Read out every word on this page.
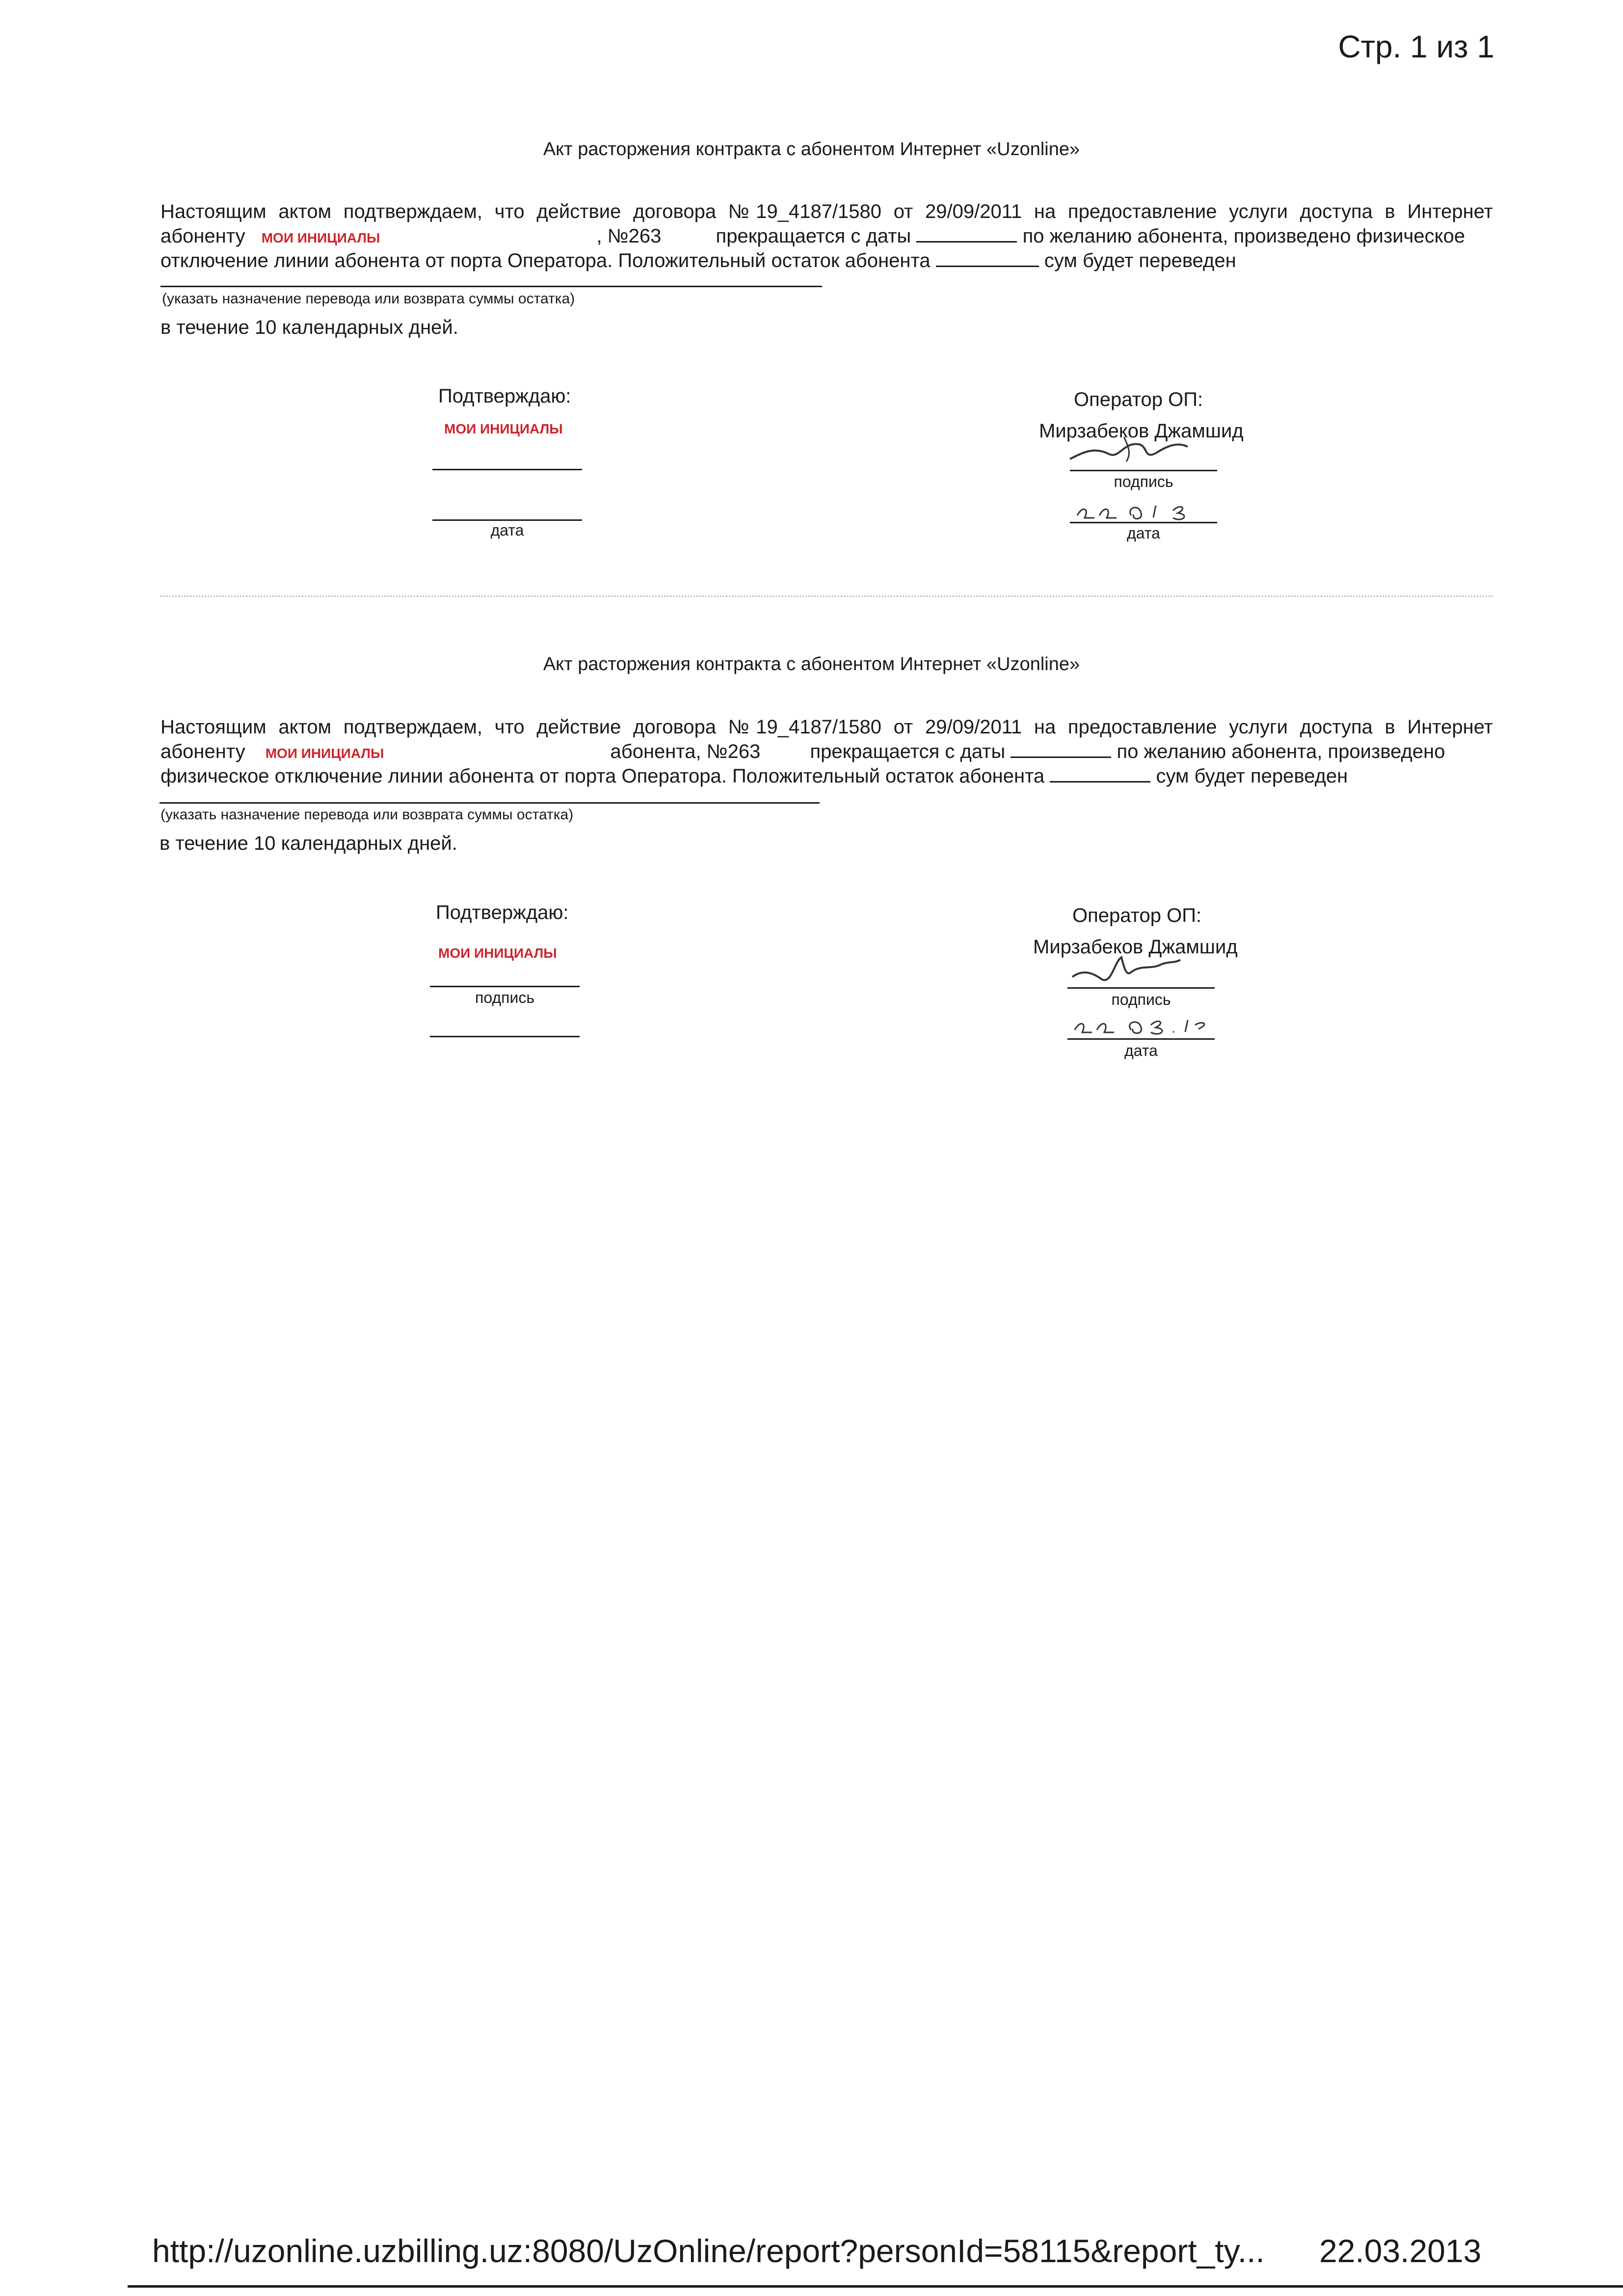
Стр. 1 из 1
Акт расторжения контракта с абонентом Интернет «Uzonline»
Настоящим актом подтверждаем, что действие договора №19_4187/1580 от 29/09/2011 на предоставление услуги доступа в Интернет
абоненту МОИ ИНИЦИАЛЫ	, №263	прекращается с даты	по желанию абонента, произведено физическое
отключение линии абонента от порта Оператора. Положительный остаток абонента	сум будет переведен
(указать назначение перевода или возврата суммы остатка)
в течение 10 календарных дней.
Подтверждаю:
МОИ ИНИЦИАЛЫ
дата
Оператор ОП:
Мирзабеков Джамшид
подпись
дата
Акт расторжения контракта с абонентом Интернет «Uzonline»
Настоящим актом подтверждаем, что действие договора №19_4187/1580 от 29/09/2011 на предоставление услуги доступа в Интернет
абоненту МОИ ИНИЦИАЛЫ	абонента, №263	прекращается с даты	по желанию абонента, произведено
физическое отключение линии абонента от порта Оператора. Положительный остаток абонента	сум будет переведен
(указать назначение перевода или возврата суммы остатка)
в течение 10 календарных дней.
Подтверждаю:
МОИ ИНИЦИАЛЫ
подпись
Оператор ОП:
Мирзабеков Джамшид
подпись
дата
http://uzonline.uzbilling.uz:8080/UzOnline/report?personId=58115&report_ty... 22.03.2013
